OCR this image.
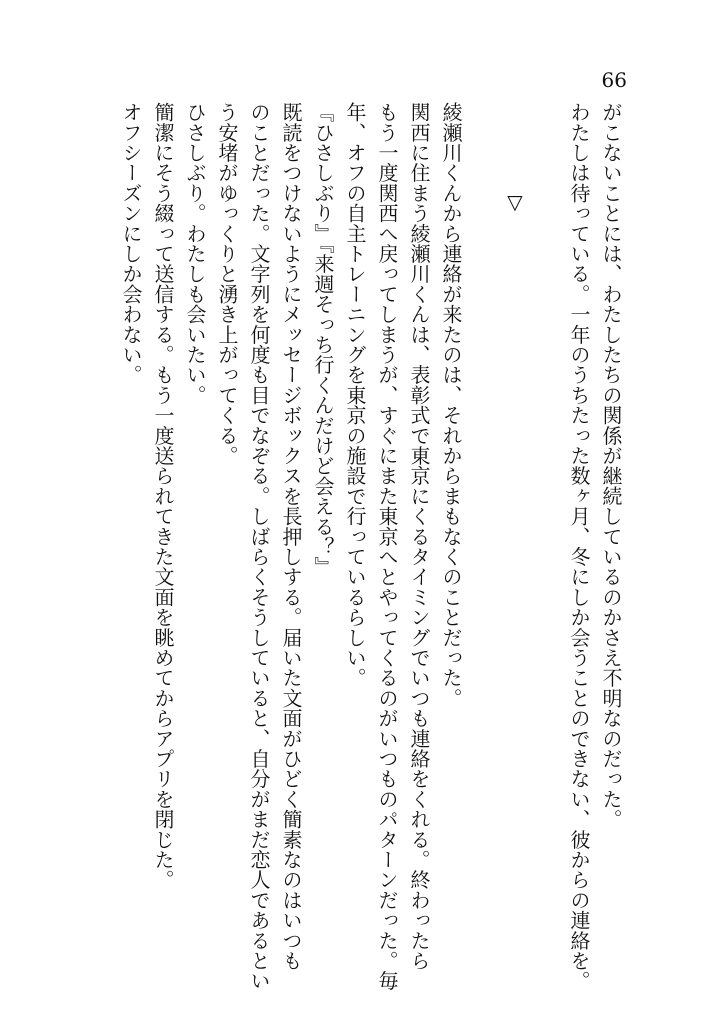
66
がこないことには、わたしたちの関係が継続しているのかさえ不明なのだった。
わたしは待っている。一年のうちたった数ヶ月、冬にしか会うことのできない、彼からの連絡を。
▽
綾瀬川くんから連絡が来たのは、それからまもなくのことだった。
関西に住まう綾瀬川くんは、表彰式で東京にくるタイミングでいつも連絡をくれる。終わったら
もう一度関西へ戻ってしまうが、すぐにまた東京へとやってくるのがいつものパターンだった。毎
年、オフの自主トレーニングを東京の施設で行っているらしい。
『ひさしぶり』『来週そっち行くんだけど会える？』
既読をつけないようにメッセージボックスを長押しする。届いた文面がひどく簡素なのはいつも
のことだった。文字列を何度も目でなぞる。しばらくそうしていると、自分がまだ恋人であるとい
う安堵がゆっくりと湧き上がってくる。
ひさしぶり。わたしも会いたい。
簡潔にそう綴って送信する。もう一度送られてきた文面を眺めてからアプリを閉じた。
オフシーズンにしか会わない。
